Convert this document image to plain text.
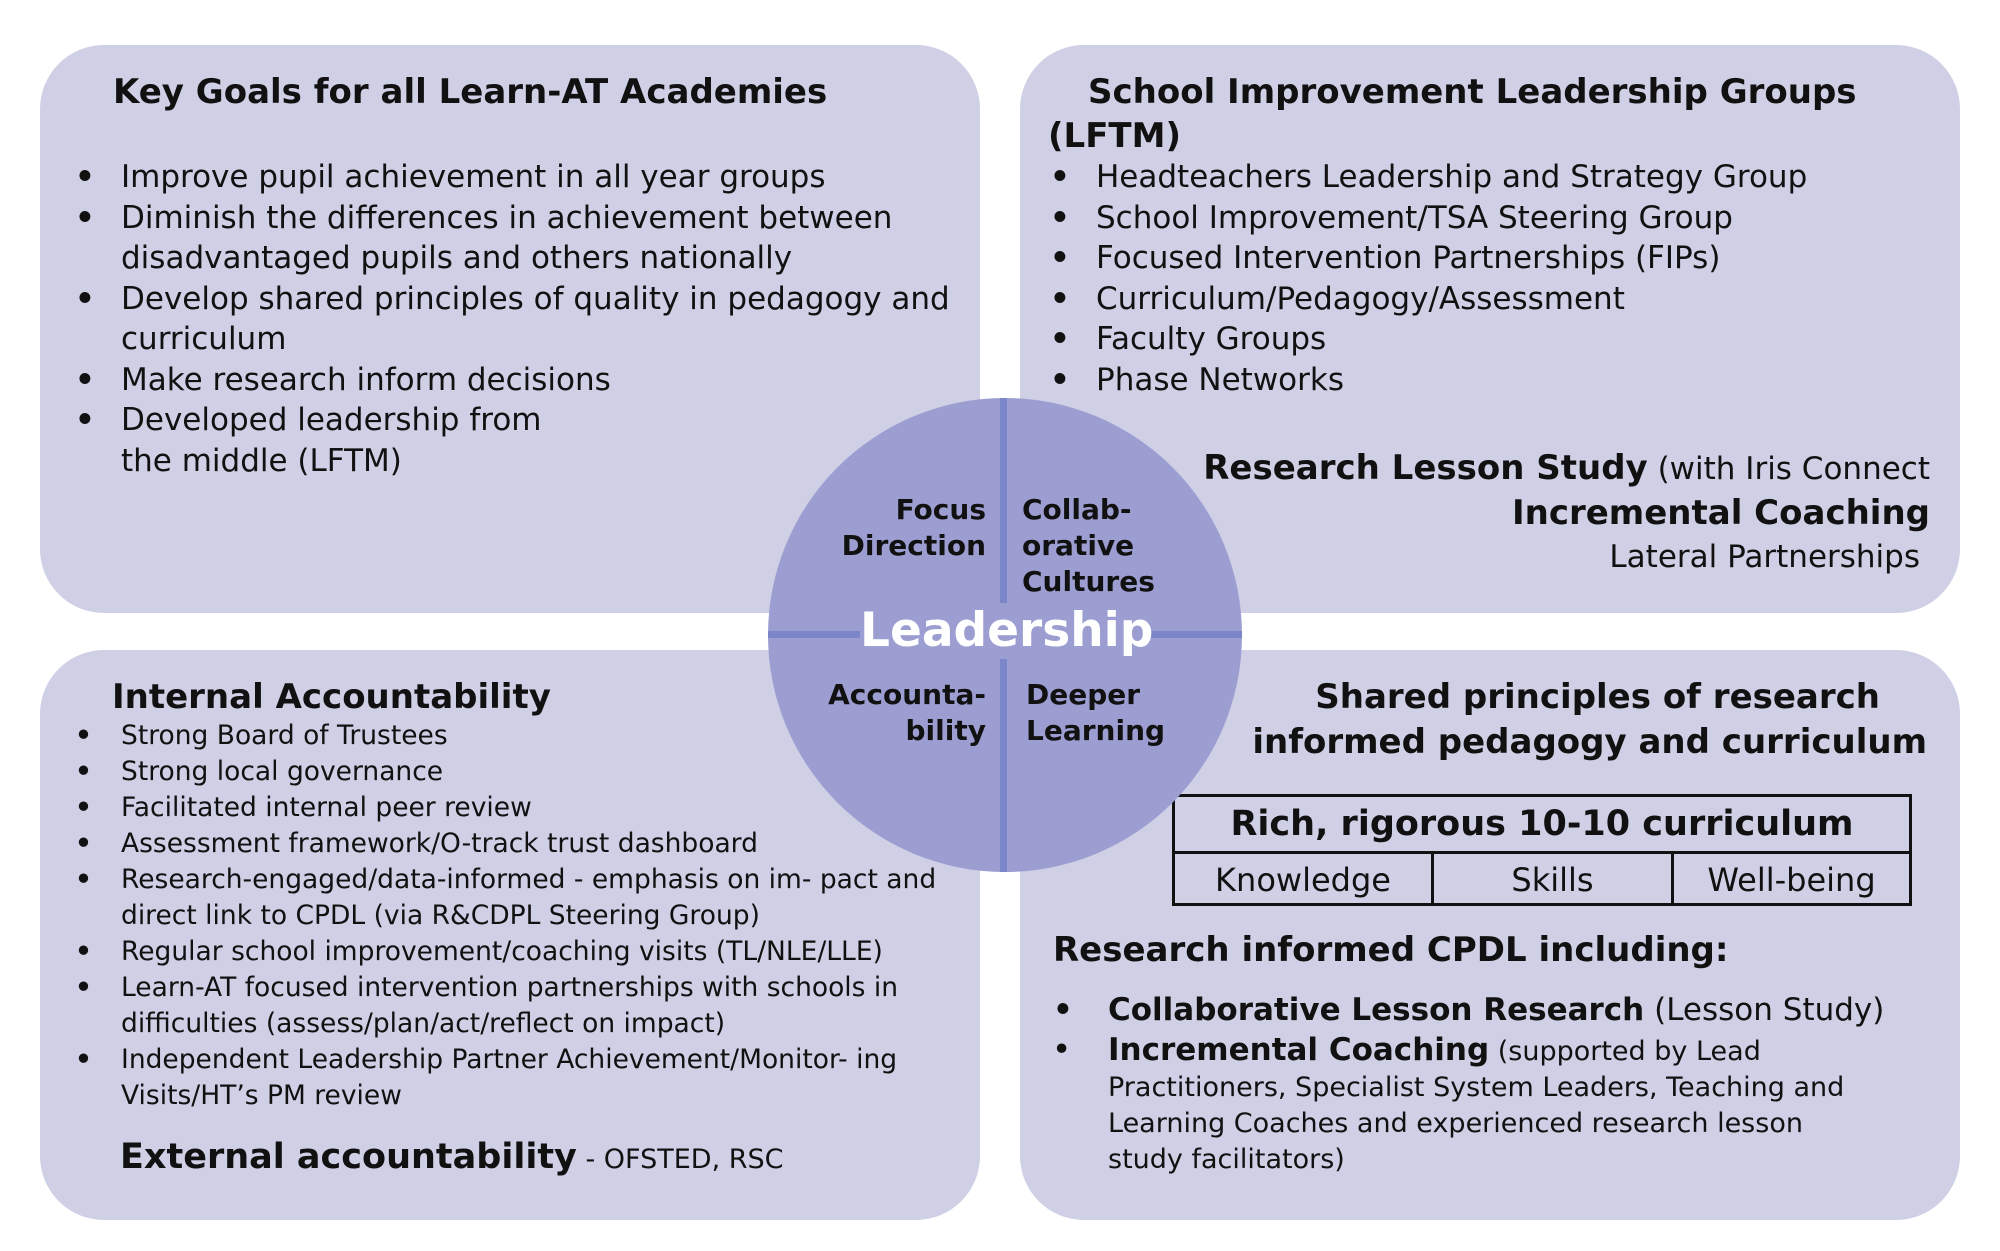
Key Goals for all Learn-AT Academies
• Improve pupil achievement in all year groups
• Diminish the differences in achievement between disadvantaged pupils and others nationally
• Develop shared principles of quality in pedagogy and curriculum
• Make research inform decisions
• Developed leadership from the middle (LFTM)
School Improvement Leadership Groups
(LFTM)
• Headteachers Leadership and Strategy Group
• School Improvement/TSA Steering Group
• Focused Intervention Partnerships (FIPs)
• Curriculum/Pedagogy/Assessment
• Faculty Groups
• Phase Networks
Research Lesson Study (with Iris Connect
Incremental Coaching
Lateral Partnerships
Internal Accountability
• Strong Board of Trustees
• Strong local governance
• Facilitated internal peer review
• Assessment framework/O-track trust dashboard
• Research-engaged/data-informed - emphasis on im- pact and direct link to CPDL (via R&CDPL Steering Group)
• Regular school improvement/coaching visits (TL/NLE/LLE)
• Learn-AT focused intervention partnerships with schools in difficulties (assess/plan/act/reflect on impact)
• Independent Leadership Partner Achievement/Monitor- ing Visits/HT’s PM review
External accountability - OFSTED, RSC
Shared principles of research
informed pedagogy and curriculum
Rich, rigorous 10-10 curriculum
Knowledge	Skills	Well-being
Research informed CPDL including:
• Collaborative Lesson Research (Lesson Study)
• Incremental Coaching (supported by Lead Practitioners, Specialist System Leaders, Teaching and Learning Coaches and experienced research lesson study facilitators)
Leadership
Focus Direction
Collab- orative Cultures
Accounta- bility
Deeper Learning
